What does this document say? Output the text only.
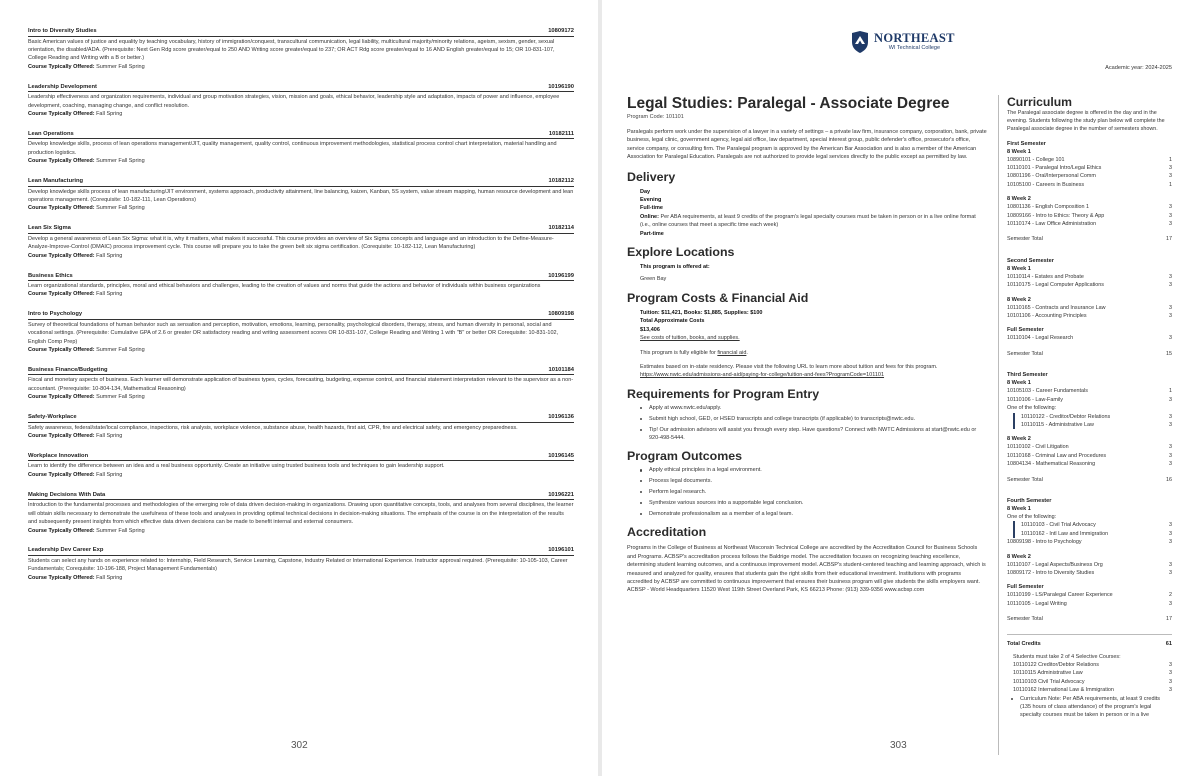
Intro to Diversity Studies	10809172
Basic American values of justice and equality by teaching vocabulary, history of immigration/conquest, transcultural communication, legal liability, multicultural majority/minority relations, ageism, sexism, gender, sexual orientation, the disabled/ADA. (Prerequisite: Next Gen Rdg score greater/equal to 250 AND Writing score greater/equal to 237; OR ACT Rdg score greater/equal to 16 AND English greater/equal to 15; OR 10-831-107, College Reading and Writing with a B or better.)
Course Typically Offered: Summer Fall Spring
Leadership Development	10196190
Leadership effectiveness and organization requirements, individual and group motivation strategies, vision, mission and goals, ethical behavior, leadership style and adaptation, impacts of power and influence, employee development, coaching, managing change, and conflict resolution.
Course Typically Offered: Fall Spring
Lean Operations	10182111
Develop knowledge skills, process of lean operations management/JIT, quality management, quality control, continuous improvement methodologies, statistical process control chart interpretation, material handling and production logistics.
Course Typically Offered: Summer Fall Spring
Lean Manufacturing	10182112
Develop knowledge skills process of lean manufacturing/JIT environment, systems approach, productivity attainment, line balancing, kaizen, Kanban, 5S system, value stream mapping, human resource development and lean operations management. (Corequisite: 10-182-111, Lean Operations)
Course Typically Offered: Summer Fall Spring
Lean Six Sigma	10182114
Develop a general awareness of Lean Six Sigma: what it is, why it matters, what makes it successful. This course provides an overview of Six Sigma concepts and language and an introduction to the Define-Measure-Analyze-Improve-Control (DMAIC) process improvement cycle. This course will prepare you to take the green belt six sigma certification. (Corequisite: 10-182-112, Lean Manufacturing)
Course Typically Offered: Fall Spring
Business Ethics	10196199
Learn organizational standards, principles, moral and ethical behaviors and challenges, leading to the creation of values and norms that guide the actions and behavior of individuals within business organizations
Course Typically Offered: Fall Spring
Intro to Psychology	10809198
Survey of theoretical foundations of human behavior such as sensation and perception, motivation, emotions, learning, personality, psychological disorders, therapy, stress, and human diversity in personal, social and vocational settings. (Prerequisite: Cumulative GPA of 2.6 or greater OR satisfactory reading and writing assessment scores OR 10-831-107, College Reading and Writing 1 with "B" or better OR Corequisite: 10-831-102, English Comp Prep)
Course Typically Offered: Summer Fall Spring
Business Finance/Budgeting	10101184
Fiscal and monetary aspects of business. Each learner will demonstrate application of business types, cycles, forecasting, budgeting, expense control, and financial statement interpretation relevant to the supervisor as a non-accountant. (Prerequisite: 10-804-134, Mathematical Reasoning)
Course Typically Offered: Summer Fall Spring
Safety-Workplace	10196136
Safety awareness, federal/state/local compliance, inspections, risk analysis, workplace violence, substance abuse, health hazards, first aid, CPR, fire and electrical safety, and emergency preparedness.
Course Typically Offered: Fall Spring
Workplace Innovation	10196145
Learn to identify the difference between an idea and a real business opportunity. Create an initiative using trusted business tools and techniques to gain leadership support.
Course Typically Offered: Fall Spring
Making Decisions With Data	10196221
Introduction to the fundamental processes and methodologies of the emerging role of data driven decision-making in organizations. Drawing upon quantitative concepts, tools, and analyses from several disciplines, the learner will obtain skills necessary to demonstrate the usefulness of these tools and analyses in providing optimal technical decisions in decision-making situations. The emphasis of the course is on the interpretation of the results and subsequently present insights from which effective data driven decisions can be made to benefit internal and external consumers.
Course Typically Offered: Summer Fall Spring
Leadership Dev Career Exp	10196101
Students can select any hands on experience related to: Internship, Field Research, Service Learning, Capstone, Industry Related or International Experience. Instructor approval required. (Prerequisite: 10-105-103, Career Fundamentals; Corequisite: 10-196-188, Project Management Fundamentals)
Course Typically Offered: Fall Spring
302
NORTHEAST
WI Technical College
Academic year: 2024-2025
Legal Studies: Paralegal - Associate Degree
Program Code: 101101

Paralegals perform work under the supervision of a lawyer in a variety of settings – a private law firm, insurance company, corporation, bank, private business, legal clinic, government agency, legal aid office, law department, special interest group, public defender's office, prosecutor's office, service company, or consulting firm. The Paralegal program is approved by the American Bar Association and is also a member of the American Association for Paralegal Education. Paralegals are not authorized to provide legal services directly to the public except as permitted by law.

Delivery
Day
Evening
Full-time
Online: Per ABA requirements, at least 9 credits of the program's legal specialty courses must be taken in person or in a live online format (i.e., online courses that meet a specific time each week)
Part-time
Explore Locations
This program is offered at:
Green Bay
Program Costs & Financial Aid
Tuition: $11,421, Books: $1,885, Supplies: $100
Total Approximate Costs
$13,406
See costs of tuition, books, and supplies.
This program is fully eligible for financial aid.
Estimates based on in-state residency. Please visit the following URL to learn more about tuition and fees for this program.
https://www.nwtc.edu/admissions-and-aid/paying-for-college/tuition-and-fees?ProgramCode=101101
Requirements for Program Entry
Apply at www.nwtc.edu/apply.
Submit high school, GED, or HSED transcripts and college transcripts (if applicable) to transcripts@nwtc.edu.
Tip! Our admission advisors will assist you through every step. Have questions? Connect with NWTC Admissions at start@nwtc.edu or 920-498-5444.
Program Outcomes
Apply ethical principles in a legal environment.
Process legal documents.
Perform legal research.
Synthesize various sources into a supportable legal conclusion.
Demonstrate professionalism as a member of a legal team.
Accreditation

Programs in the College of Business at Northeast Wisconsin Technical College are accredited by the Accreditation Council for Business Schools and Programs. ACBSP's accreditation process follows the Baldrige model. The accreditation focuses on recognizing teaching excellence, determining student learning outcomes, and a continuous improvement model. ACBSP's student-centered teaching and learning approach, which is measured and analyzed for quality, ensures that students gain the right skills from their educational investment. Institutions with programs accredited by ACBSP are committed to continuous improvement that ensures their business program will give students the skills employers want. ACBSP - World Headquarters 11520 West 119th Street Overland Park, KS 66213 Phone: (913) 339-9356 www.acbsp.com

Curriculum

The Paralegal associate degree is offered in the day and in the evening. Students following the study plan below will complete the Paralegal associate degree in the number of semesters shown.

First Semester
8 Week 1
10890101 - College 101	1
10110101 - Paralegal Intro/Legal Ethics	3
10801196 - Oral/Interpersonal Comm	3
10105100 - Careers in Business	1
8 Week 2
10801136 - English Composition 1	3
10809166 - Intro to Ethics: Theory & App	3
10110174 - Law Office Administration	3
Semester Total	17
Second Semester
8 Week 1
10110114 - Estates and Probate	3
10110175 - Legal Computer Applications	3
8 Week 2
10110165 - Contracts and Insurance Law	3
10101106 - Accounting Principles	3
Full Semester
10110104 - Legal Research	3
Semester Total	15
Third Semester
8 Week 1
10105103 - Career Fundamentals	1
10110106 - Law-Family	3
One of the following:
10110122 - Creditor/Debtor Relations	3
10110115 - Administrative Law	3
8 Week 2
10110102 - Civil Litigation	3
10110168 - Criminal Law and Procedures	3
10804134 - Mathematical Reasoning	3
Semester Total	16
Fourth Semester
8 Week 1
One of the following:
10110103 - Civil Trial Advocacy	3
10110162 - Intl Law and Immigration	3
10809198 - Intro to Psychology	3
8 Week 2
10110107 - Legal Aspects/Business Org	3
10809172 - Intro to Diversity Studies	3
Full Semester
10110199 - LS/Paralegal Career Experience	2
10110105 - Legal Writing	3
Semester Total	17
Total Credits	61
Students must take 2 of 4 Selective Courses:
10110122 Creditor/Debtor Relations	3
10110115 Administrative Law	3
10110103 Civil Trial Advocacy	3
10110162 International Law & Immigration	3
Curriculum Note: Per ABA requirements, at least 9 credits (135 hours of class attendance) of the program's legal specialty courses must be taken in person or in a live
303
